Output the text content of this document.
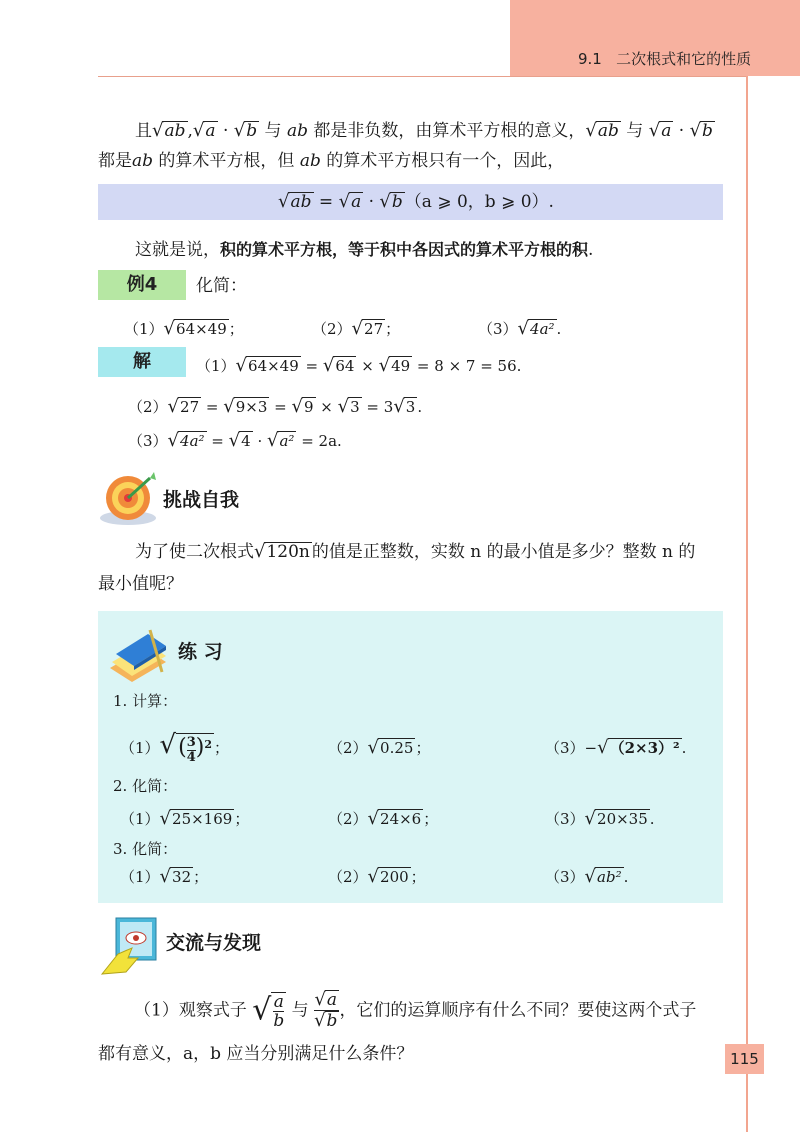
9.1 二次根式和它的性质
且√ab ,√a · √b 与 ab 都是非负数，由算术平方根的意义，√ab 与 √a · √b
都是ab 的算术平方根，但 ab 的算术平方根只有一个，因此，
√ab = √a · √b （a ⩾ 0，b ⩾ 0）.
这就是说，积的算术平方根，等于积中各因式的算术平方根的积.
例4	化简：
（1）√64×49 ；	（2）√27 ；	（3）√4a² .
解	（1）√64×49 = √64 × √49 = 8 × 7 = 56.
（2）√27 = √9×3 = √9 × √3 = 3√3 .
（3）√4a² = √4 · √a² = 2a.
挑战自我
为了使二次根式√120n 的值是正整数，实数 n 的最小值是多少？整数 n 的
最小值呢？
练 习
1. 计算：
$(1)√( \frac{3}{4} )^2$ ；	（2）√0.25 ；	（3）−√（2×3）² .
2. 化简：
（1）√25×169 ；	（2）√24×6 ；	（3）√20×35 .
3. 化简：
（1）√32 ；	（2）√200 ；	（3）√ab² .
交流与发现
（1）观察式子 √ $\frac{a}{b}$ 与 $\frac{√a}{√b}$ ，它们的运算顺序有什么不同？要使这两个式子
都有意义，a，b 应当分别满足什么条件？	115
